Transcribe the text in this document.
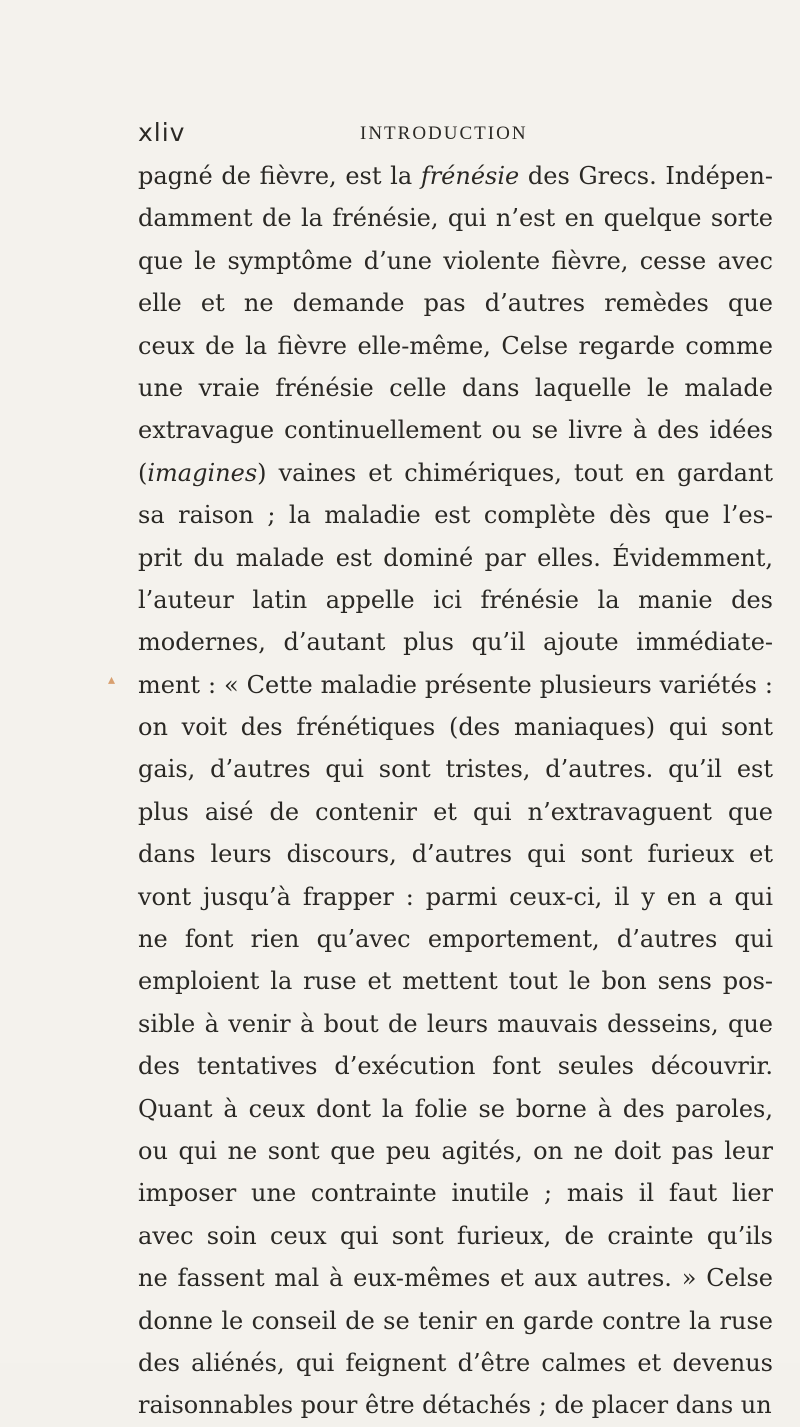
xliv	INTRODUCTION
pagné de fièvre, est la frénésie des Grecs. Indépen-
damment de la frénésie, qui n’est en quelque sorte
que le symptôme d’une violente fièvre, cesse avec
elle et ne demande pas d’autres remèdes que
ceux de la fièvre elle-même, Celse regarde comme
une vraie frénésie celle dans laquelle le malade
extravague continuellement ou se livre à des idées
(imagines) vaines et chimériques, tout en gardant
sa raison ; la maladie est complète dès que l’es-
prit du malade est dominé par elles. Évidemment,
l’auteur latin appelle ici frénésie la manie des
modernes, d’autant plus qu’il ajoute immédiate-
ment : « Cette maladie présente plusieurs variétés :
on voit des frénétiques (des maniaques) qui sont
gais, d’autres qui sont tristes, d’autres. qu’il est
plus aisé de contenir et qui n’extravaguent que
dans leurs discours, d’autres qui sont furieux et
vont jusqu’à frapper : parmi ceux-ci, il y en a qui
ne font rien qu’avec emportement, d’autres qui
emploient la ruse et mettent tout le bon sens pos-
sible à venir à bout de leurs mauvais desseins, que
des tentatives d’exécution font seules découvrir.
Quant à ceux dont la folie se borne à des paroles,
ou qui ne sont que peu agités, on ne doit pas leur
imposer une contrainte inutile ; mais il faut lier
avec soin ceux qui sont furieux, de crainte qu’ils
ne fassent mal à eux-mêmes et aux autres. » Celse
donne le conseil de se tenir en garde contre la ruse
des aliénés, qui feignent d’être calmes et devenus
raisonnables pour être détachés ; de placer dans un
▴
